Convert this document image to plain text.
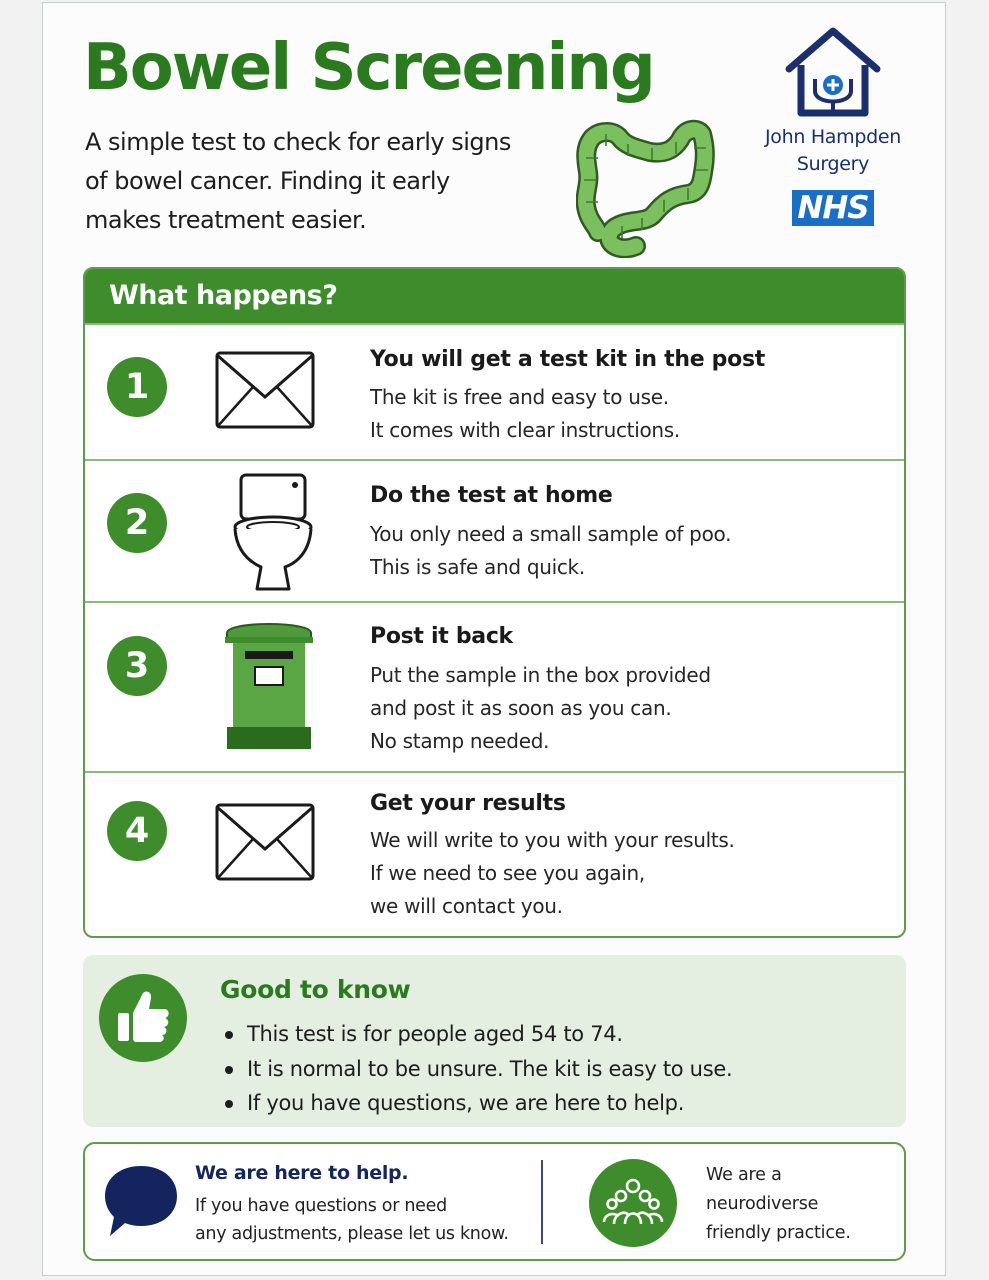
Bowel Screening

A simple test to check for early signs
of bowel cancer. Finding it early
makes treatment easier.

John Hampden
Surgery
NHS
What happens?
1
You will get a test kit in the post

The kit is free and easy to use.
It comes with clear instructions.

2
Do the test at home

You only need a small sample of poo.
This is safe and quick.

3
Post it back

Put the sample in the box provided
and post it as soon as you can.
No stamp needed.

4
Get your results

We will write to you with your results.
If we need to see you again,
we will contact you.

Good to know
This test is for people aged 54 to 74.
It is normal to be unsure. The kit is easy to use.
If you have questions, we are here to help.
We are here to help.

If you have questions or need
any adjustments, please let us know.

We are a
neurodiverse
friendly practice.
